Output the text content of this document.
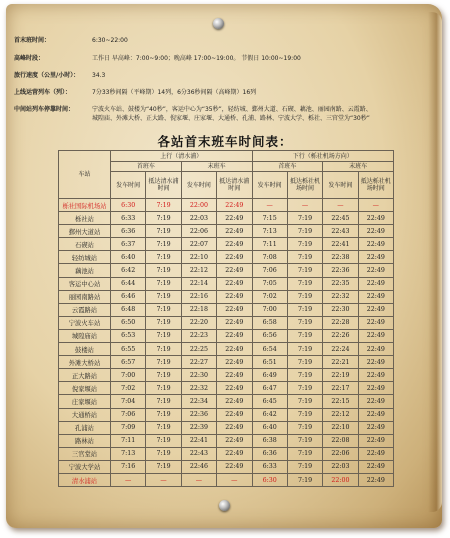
首末班时间：	6:30~22:00
高峰时段：	工作日 早高峰：7:00~9:00；晚高峰 17:00~19:00。 节假日 10:00~19:00
旅行速度（公里/小时）： 34.3
上线运营列车（列）：	7分33秒间隔（平峰期）14列，6分36秒间隔（高峰期）16列
中间站列车停靠时间：	宁波火车站、鼓楼为“40秒”，客运中心为“35秒”，轻纺城、鄞州大道、石碶、藕池、丽园南路、云霞路、
城隍庙、外滩大桥、正大路、倪家堰、庄家堰、大通桥、孔浦、路林、宁波大学、栎社、三官堂为“30秒”
各站首末班车时间表：
车站	上行（清水浦）				下行（栎社机场方向）			
	首班车		末班车		首班车		末班车	
	发车时间	抵达清水浦时间	发车时间	抵达清水浦时间	发车时间	抵达栎社机场时间	发车时间	抵达栎社机场时间
栎社国际机场站	6:30	7:19	22:00	22:49	—	—	—	—
栎社站	6:33	7:19	22:03	22:49	7:15	7:19	22:45	22:49
鄞州大道站	6:36	7:19	22:06	22:49	7:13	7:19	22:43	22:49
石碶站	6:37	7:19	22:07	22:49	7:11	7:19	22:41	22:49
轻纺城站	6:40	7:19	22:10	22:49	7:08	7:19	22:38	22:49
藕池站	6:42	7:19	22:12	22:49	7:06	7:19	22:36	22:49
客运中心站	6:44	7:19	22:14	22:49	7:05	7:19	22:35	22:49
丽园南路站	6:46	7:19	22:16	22:49	7:02	7:19	22:32	22:49
云霞路站	6:48	7:19	22:18	22:49	7:00	7:19	22:30	22:49
宁波火车站	6:50	7:19	22:20	22:49	6:58	7:19	22:28	22:49
城隍庙站	6:53	7:19	22:23	22:49	6:56	7:19	22:26	22:49
鼓楼站	6:55	7:19	22:25	22:49	6:54	7:19	22:24	22:49
外滩大桥站	6:57	7:19	22:27	22:49	6:51	7:19	22:21	22:49
正大路站	7:00	7:19	22:30	22:49	6:49	7:19	22:19	22:49
倪家堰站	7:02	7:19	22:32	22:49	6:47	7:19	22:17	22:49
庄家堰站	7:04	7:19	22:34	22:49	6:45	7:19	22:15	22:49
大通桥站	7:06	7:19	22:36	22:49	6:42	7:19	22:12	22:49
孔浦站	7:09	7:19	22:39	22:49	6:40	7:19	22:10	22:49
路林站	7:11	7:19	22:41	22:49	6:38	7:19	22:08	22:49
三官堂站	7:13	7:19	22:43	22:49	6:36	7:19	22:06	22:49
宁波大学站	7:16	7:19	22:46	22:49	6:33	7:19	22:03	22:49
清水浦站	—	—	—	—	6:30	7:19	22:00	22:49
